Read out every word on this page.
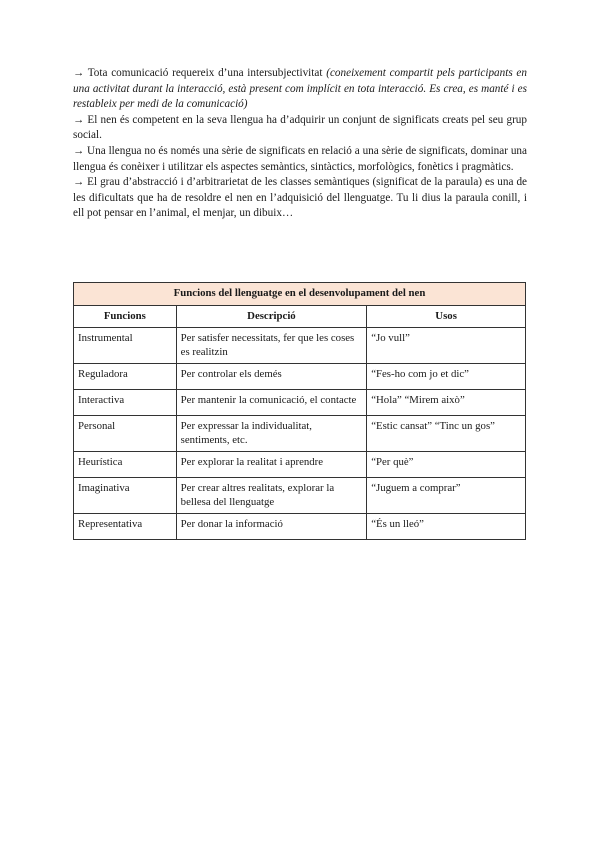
→ Tota comunicació requereix d’una intersubjectivitat (coneixement compartit pels participants en una activitat durant la interacció, està present com implícit en tota interacció. Es crea, es manté i es restableix per medi de la comunicació)

→ El nen és competent en la seva llengua ha d’adquirir un conjunt de significats creats pel seu grup social.

→ Una llengua no és només una sèrie de significats en relació a una sèrie de significats, dominar una llengua és conèixer i utilitzar els aspectes semàntics, sintàctics, morfològics, fonètics i pragmàtics.

→ El grau d’abstracció i d’arbitrarietat de les classes semàntiques (significat de la paraula) es una de les dificultats que ha de resoldre el nen en l’adquisició del llenguatge. Tu li dius la paraula conill, i ell pot pensar en l’animal, el menjar, un dibuix…

Funcions del llenguatge en el desenvolupament del nen		
Funcions	Descripció	Usos
Instrumental	Per satisfer necessitats, fer que les coses es realitzin	“Jo vull”
Reguladora	Per controlar els demés	“Fes-ho com jo et dic”
Interactiva	Per mantenir la comunicació, el contacte	“Hola” “Mirem això”
Personal	Per expressar la individualitat, sentiments, etc.	“Estic cansat” “Tinc un gos”
Heurística	Per explorar la realitat i aprendre	“Per què”
Imaginativa	Per crear altres realitats, explorar la bellesa del llenguatge	“Juguem a comprar”
Representativa	Per donar la informació	“És un lleó”
